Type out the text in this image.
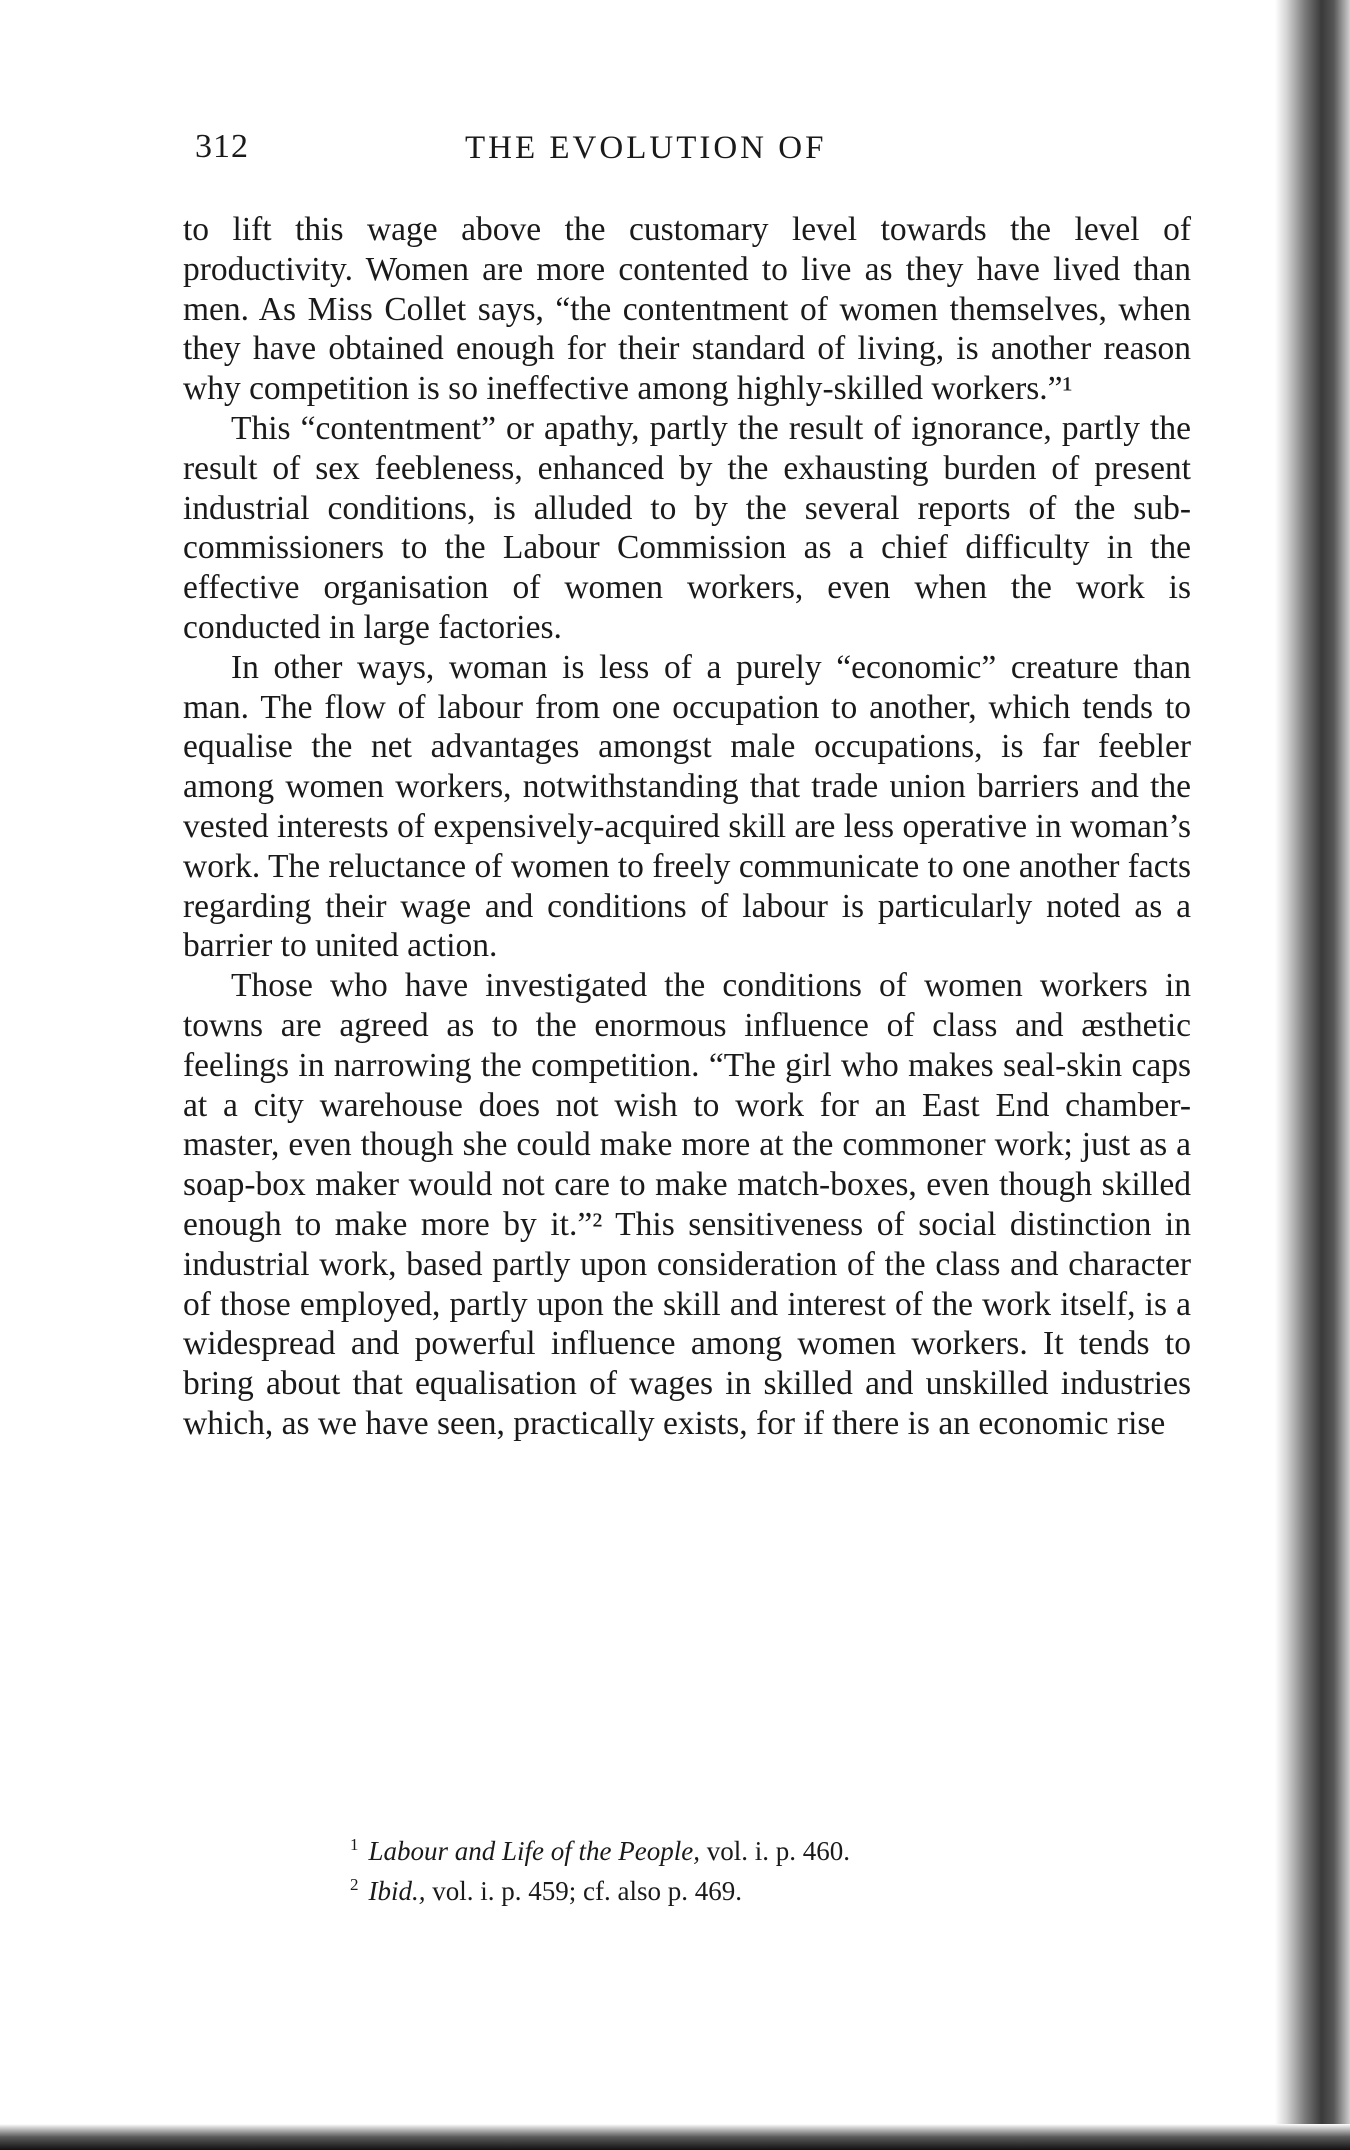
312	THE EVOLUTION OF

to lift this wage above the customary level towards the level of productivity. Women are more contented to live as they have lived than men. As Miss Collet says, “the contentment of women themselves, when they have obtained enough for their standard of living, is another reason why competition is so ineffective among highly-skilled workers.”¹

This “contentment” or apathy, partly the result of ignorance, partly the result of sex feebleness, enhanced by the exhausting burden of present industrial conditions, is alluded to by the several reports of the sub-commissioners to the Labour Commission as a chief difficulty in the effective organisation of women workers, even when the work is conducted in large factories.

In other ways, woman is less of a purely “economic” creature than man. The flow of labour from one occupation to another, which tends to equalise the net advantages amongst male occupations, is far feebler among women workers, notwithstanding that trade union barriers and the vested interests of expensively-acquired skill are less operative in woman’s work. The reluctance of women to freely communicate to one another facts regarding their wage and conditions of labour is particularly noted as a barrier to united action.

Those who have investigated the conditions of women workers in towns are agreed as to the enormous influence of class and æsthetic feelings in narrowing the competition. “The girl who makes seal-skin caps at a city warehouse does not wish to work for an East End chamber-master, even though she could make more at the commoner work; just as a soap-box maker would not care to make match-boxes, even though skilled enough to make more by it.”² This sensitiveness of social distinction in industrial work, based partly upon consideration of the class and character of those employed, partly upon the skill and interest of the work itself, is a widespread and powerful influence among women workers. It tends to bring about that equalisation of wages in skilled and unskilled industries which, as we have seen, practically exists, for if there is an economic rise

$^1$ Labour and Life of the People, vol. i. p. 460.

$^2$ Ibid., vol. i. p. 459; cf. also p. 469.
